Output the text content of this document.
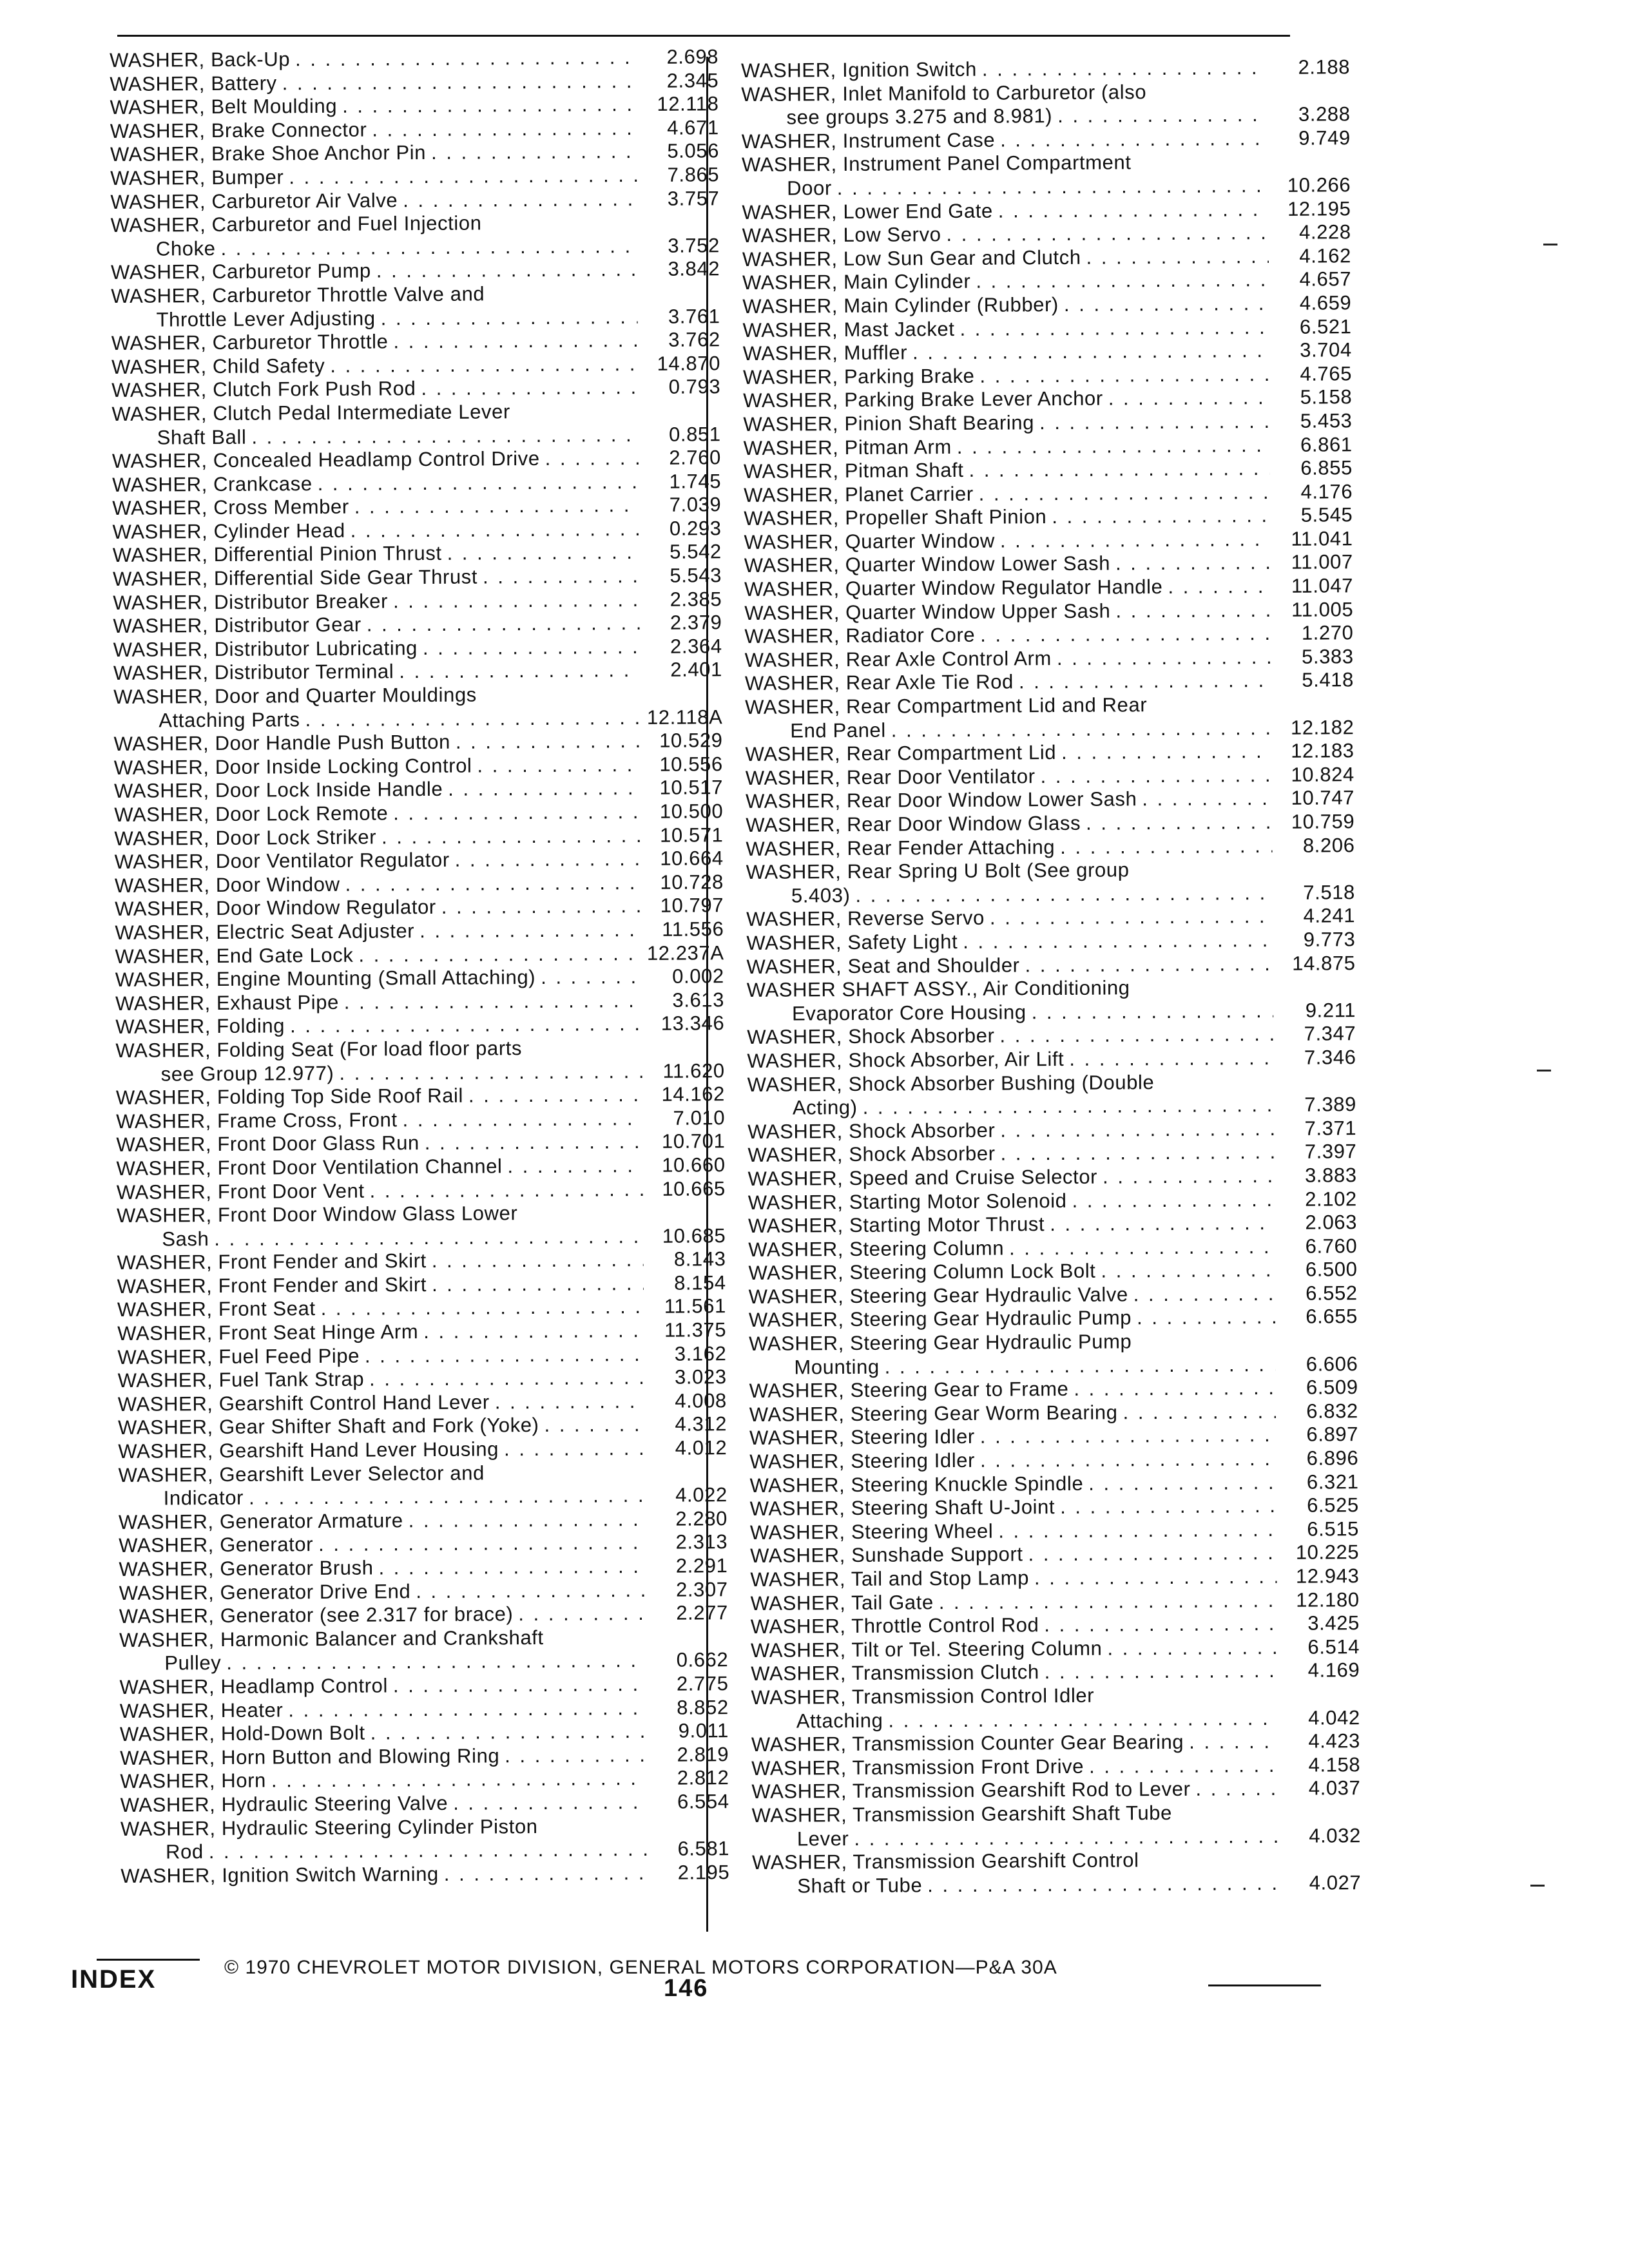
WASHER, Back-Up . . .	2.698
WASHER, Battery . . .	2.345
WASHER, Belt Moulding . . .	12.118
WASHER, Brake Connector . . .	4.671
WASHER, Brake Shoe Anchor Pin . . .	5.056
WASHER, Bumper . . .	7.865
WASHER, Carburetor Air Valve . . .	3.757
WASHER, Carburetor and Fuel Injection
Choke . . .	3.752
WASHER, Carburetor Pump . . .	3.842
WASHER, Carburetor Throttle Valve and
Throttle Lever Adjusting . . .	3.761
WASHER, Carburetor Throttle . . .	3.762
WASHER, Child Safety . . .	14.870
WASHER, Clutch Fork Push Rod . . .	0.793
WASHER, Clutch Pedal Intermediate Lever
Shaft Ball . . .	0.851
WASHER, Concealed Headlamp Control Drive . . .	2.760
WASHER, Crankcase . . .	1.745
WASHER, Cross Member . . .	7.039
WASHER, Cylinder Head . . .	0.293
WASHER, Differential Pinion Thrust . . .	5.542
WASHER, Differential Side Gear Thrust . . .	5.543
WASHER, Distributor Breaker . . .	2.385
WASHER, Distributor Gear . . .	2.379
WASHER, Distributor Lubricating . . .	2.364
WASHER, Distributor Terminal . . .	2.401
WASHER, Door and Quarter Mouldings
Attaching Parts . . .	12.118A
WASHER, Door Handle Push Button . . .	10.529
WASHER, Door Inside Locking Control . . .	10.556
WASHER, Door Lock Inside Handle . . .	10.517
WASHER, Door Lock Remote . . .	10.500
WASHER, Door Lock Striker . . .	10.571
WASHER, Door Ventilator Regulator . . .	10.664
WASHER, Door Window . . .	10.728
WASHER, Door Window Regulator . . .	10.797
WASHER, Electric Seat Adjuster . . .	11.556
WASHER, End Gate Lock . . .	12.237A
WASHER, Engine Mounting (Small Attaching) . . .	0.002
WASHER, Exhaust Pipe . . .	3.613
WASHER, Folding . . .	13.346
WASHER, Folding Seat (For load floor parts
see Group 12.977) . . .	11.620
WASHER, Folding Top Side Roof Rail . . .	14.162
WASHER, Frame Cross, Front . . .	7.010
WASHER, Front Door Glass Run . . .	10.701
WASHER, Front Door Ventilation Channel . . .	10.660
WASHER, Front Door Vent . . .	10.665
WASHER, Front Door Window Glass Lower
Sash . . .	10.685
WASHER, Front Fender and Skirt . . .	8.143
WASHER, Front Fender and Skirt . . .	8.154
WASHER, Front Seat . . .	11.561
WASHER, Front Seat Hinge Arm . . .	11.375
WASHER, Fuel Feed Pipe . . .	3.162
WASHER, Fuel Tank Strap . . .	3.023
WASHER, Gearshift Control Hand Lever . . .	4.008
WASHER, Gear Shifter Shaft and Fork (Yoke) . . .	4.312
WASHER, Gearshift Hand Lever Housing . . .	4.012
WASHER, Gearshift Lever Selector and
Indicator . . .	4.022
WASHER, Generator Armature . . .	2.280
WASHER, Generator . . .	2.313
WASHER, Generator Brush . . .	2.291
WASHER, Generator Drive End . . .	2.307
WASHER, Generator (see 2.317 for brace) . . .	2.277
WASHER, Harmonic Balancer and Crankshaft
Pulley . . .	0.662
WASHER, Headlamp Control . . .	2.775
WASHER, Heater . . .	8.852
WASHER, Hold-Down Bolt . . .	9.011
WASHER, Horn Button and Blowing Ring . . .	2.819
WASHER, Horn . . .	2.812
WASHER, Hydraulic Steering Valve . . .	6.554
WASHER, Hydraulic Steering Cylinder Piston
Rod . . .	6.581
WASHER, Ignition Switch Warning . . .	2.195
WASHER, Ignition Switch . . .	2.188
WASHER, Inlet Manifold to Carburetor (also
see groups 3.275 and 8.981) . . .	3.288
WASHER, Instrument Case . . .	9.749
WASHER, Instrument Panel Compartment
Door . . .	10.266
WASHER, Lower End Gate . . .	12.195
WASHER, Low Servo . . .	4.228
WASHER, Low Sun Gear and Clutch . . .	4.162
WASHER, Main Cylinder . . .	4.657
WASHER, Main Cylinder (Rubber) . . .	4.659
WASHER, Mast Jacket . . .	6.521
WASHER, Muffler . . .	3.704
WASHER, Parking Brake . . .	4.765
WASHER, Parking Brake Lever Anchor . . .	5.158
WASHER, Pinion Shaft Bearing . . .	5.453
WASHER, Pitman Arm . . .	6.861
WASHER, Pitman Shaft . . .	6.855
WASHER, Planet Carrier . . .	4.176
WASHER, Propeller Shaft Pinion . . .	5.545
WASHER, Quarter Window . . .	11.041
WASHER, Quarter Window Lower Sash . . .	11.007
WASHER, Quarter Window Regulator Handle . . .	11.047
WASHER, Quarter Window Upper Sash . . .	11.005
WASHER, Radiator Core . . .	1.270
WASHER, Rear Axle Control Arm . . .	5.383
WASHER, Rear Axle Tie Rod . . .	5.418
WASHER, Rear Compartment Lid and Rear
End Panel . . .	12.182
WASHER, Rear Compartment Lid . . .	12.183
WASHER, Rear Door Ventilator . . .	10.824
WASHER, Rear Door Window Lower Sash . . .	10.747
WASHER, Rear Door Window Glass . . .	10.759
WASHER, Rear Fender Attaching . . .	8.206
WASHER, Rear Spring U Bolt (See group
5.403) . . .	7.518
WASHER, Reverse Servo . . .	4.241
WASHER, Safety Light . . .	9.773
WASHER, Seat and Shoulder . . .	14.875
WASHER SHAFT ASSY., Air Conditioning
Evaporator Core Housing . . .	9.211
WASHER, Shock Absorber . . .	7.347
WASHER, Shock Absorber, Air Lift . . .	7.346
WASHER, Shock Absorber Bushing (Double
Acting) . . .	7.389
WASHER, Shock Absorber . . .	7.371
WASHER, Shock Absorber . . .	7.397
WASHER, Speed and Cruise Selector . . .	3.883
WASHER, Starting Motor Solenoid . . .	2.102
WASHER, Starting Motor Thrust . . .	2.063
WASHER, Steering Column . . .	6.760
WASHER, Steering Column Lock Bolt . . .	6.500
WASHER, Steering Gear Hydraulic Valve . . .	6.552
WASHER, Steering Gear Hydraulic Pump . . .	6.655
WASHER, Steering Gear Hydraulic Pump
Mounting . . .	6.606
WASHER, Steering Gear to Frame . . .	6.509
WASHER, Steering Gear Worm Bearing . . .	6.832
WASHER, Steering Idler . . .	6.897
WASHER, Steering Idler . . .	6.896
WASHER, Steering Knuckle Spindle . . .	6.321
WASHER, Steering Shaft U-Joint . . .	6.525
WASHER, Steering Wheel . . .	6.515
WASHER, Sunshade Support . . .	10.225
WASHER, Tail and Stop Lamp . . .	12.943
WASHER, Tail Gate . . .	12.180
WASHER, Throttle Control Rod . . .	3.425
WASHER, Tilt or Tel. Steering Column . . .	6.514
WASHER, Transmission Clutch . . .	4.169
WASHER, Transmission Control Idler
Attaching . . .	4.042
WASHER, Transmission Counter Gear Bearing . . .	4.423
WASHER, Transmission Front Drive . . .	4.158
WASHER, Transmission Gearshift Rod to Lever . . .	4.037
WASHER, Transmission Gearshift Shaft Tube
Lever . . .	4.032
WASHER, Transmission Gearshift Control
Shaft or Tube . . .	4.027
INDEX	© 1970 CHEVROLET MOTOR DIVISION, GENERAL MOTORS CORPORATION—P&A 30A
146
